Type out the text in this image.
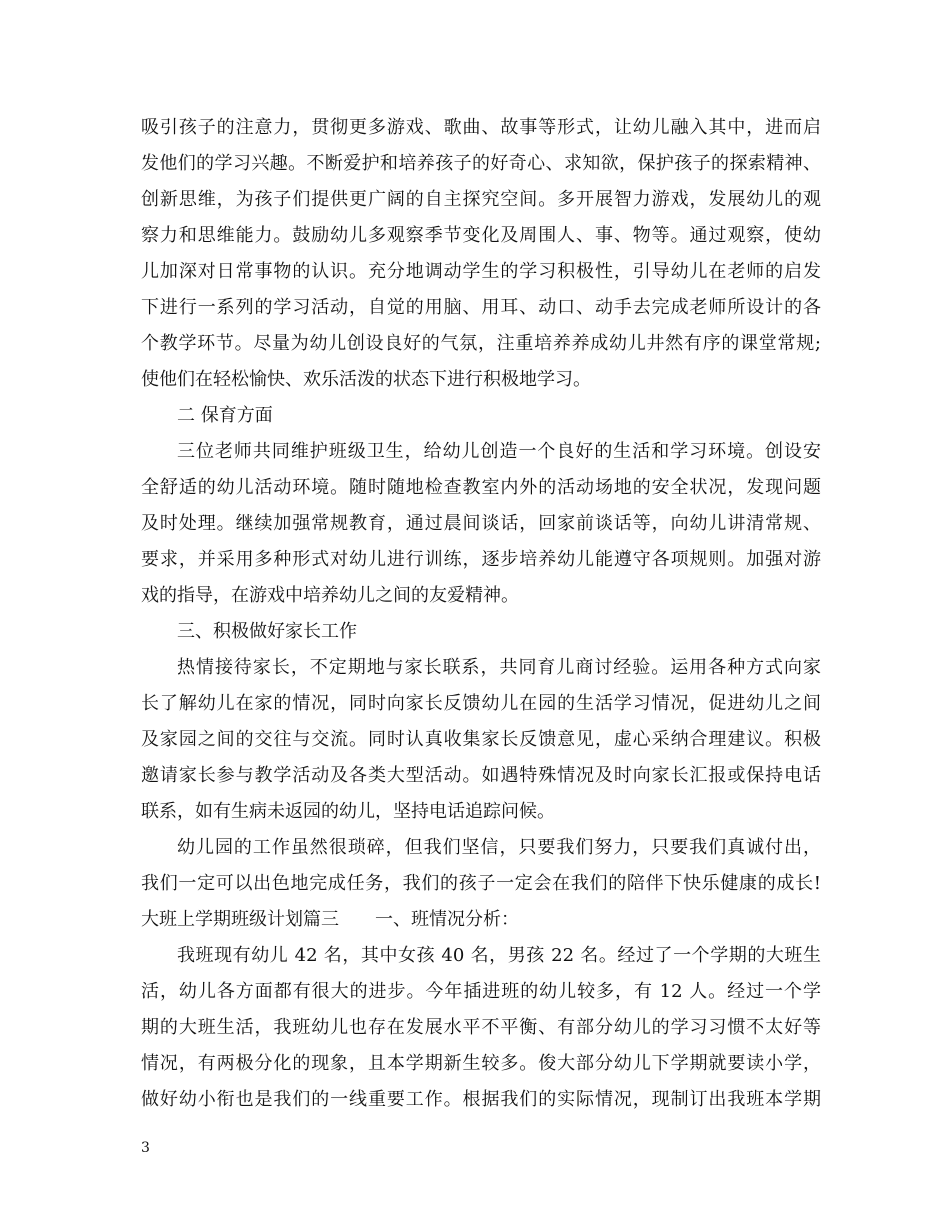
吸引孩子的注意力，贯彻更多游戏、歌曲、故事等形式，让幼儿融入其中，进而启
发他们的学习兴趣。不断爱护和培养孩子的好奇心、求知欲，保护孩子的探索精神、
创新思维，为孩子们提供更广阔的自主探究空间。多开展智力游戏，发展幼儿的观
察力和思维能力。鼓励幼儿多观察季节变化及周围人、事、物等。通过观察，使幼
儿加深对日常事物的认识。充分地调动学生的学习积极性，引导幼儿在老师的启发
下进行一系列的学习活动，自觉的用脑、用耳、动口、动手去完成老师所设计的各
个教学环节。尽量为幼儿创设良好的气氛，注重培养养成幼儿井然有序的课堂常规;
使他们在轻松愉快、欢乐活泼的状态下进行积极地学习。
二 保育方面
三位老师共同维护班级卫生，给幼儿创造一个良好的生活和学习环境。创设安
全舒适的幼儿活动环境。随时随地检查教室内外的活动场地的安全状况，发现问题
及时处理。继续加强常规教育，通过晨间谈话，回家前谈话等，向幼儿讲清常规、
要求，并采用多种形式对幼儿进行训练，逐步培养幼儿能遵守各项规则。加强对游
戏的指导，在游戏中培养幼儿之间的友爱精神。
三、积极做好家长工作
热情接待家长，不定期地与家长联系，共同育儿商讨经验。运用各种方式向家
长了解幼儿在家的情况，同时向家长反馈幼儿在园的生活学习情况，促进幼儿之间
及家园之间的交往与交流。同时认真收集家长反馈意见，虚心采纳合理建议。积极
邀请家长参与教学活动及各类大型活动。如遇特殊情况及时向家长汇报或保持电话
联系，如有生病未返园的幼儿，坚持电话追踪问候。
幼儿园的工作虽然很琐碎，但我们坚信，只要我们努力，只要我们真诚付出，
我们一定可以出色地完成任务，我们的孩子一定会在我们的陪伴下快乐健康的成长!
大班上学期班级计划篇三　　一、班情况分析：
我班现有幼儿 42 名，其中女孩 40 名，男孩 22 名。经过了一个学期的大班生
活，幼儿各方面都有很大的进步。今年插进班的幼儿较多，有 12 人。经过一个学
期的大班生活，我班幼儿也存在发展水平不平衡、有部分幼儿的学习习惯不太好等
情况，有两极分化的现象，且本学期新生较多。俊大部分幼儿下学期就要读小学，
做好幼小衔也是我们的一线重要工作。根据我们的实际情况，现制订出我班本学期
3
